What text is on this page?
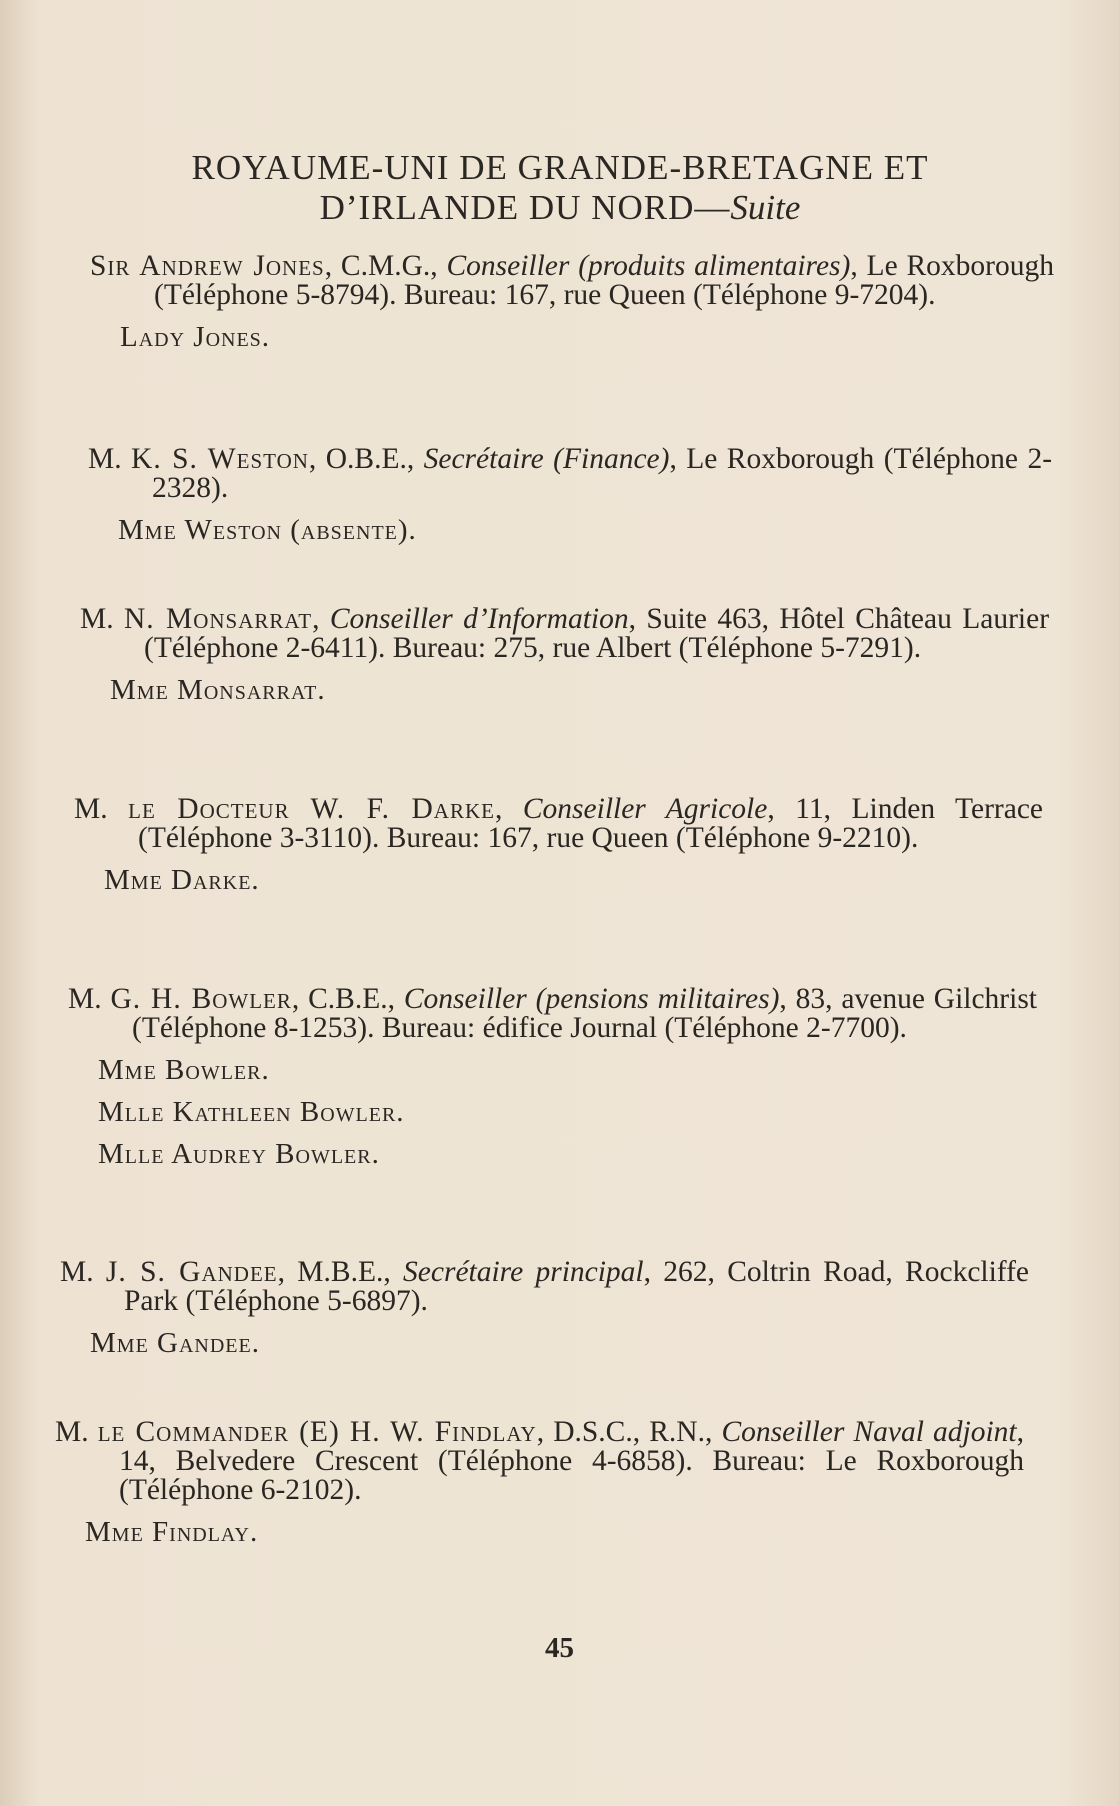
ROYAUME-UNI DE GRANDE-BRETAGNE ET
D’IRLANDE DU NORD—Suite
Sir Andrew Jones, C.M.G., Conseiller (produits alimentaires), Le Roxborough (Téléphone 5-8794). Bureau: 167, rue Queen (Téléphone 9-7204).
Lady Jones.
M. K. S. Weston, O.B.E., Secrétaire (Finance), Le Roxborough (Téléphone 2-2328).
Mme Weston (absente).
M. N. Monsarrat, Conseiller d’Information, Suite 463, Hôtel Château Laurier (Téléphone 2-6411). Bureau: 275, rue Albert (Téléphone 5-7291).
Mme Monsarrat.
M. le Docteur W. F. Darke, Conseiller Agricole, 11, Linden Terrace (Téléphone 3-3110). Bureau: 167, rue Queen (Téléphone 9-2210).
Mme Darke.
M. G. H. Bowler, C.B.E., Conseiller (pensions militaires), 83, avenue Gilchrist (Téléphone 8-1253). Bureau: édifice Journal (Téléphone 2-7700).
Mme Bowler.
Mlle Kathleen Bowler.
Mlle Audrey Bowler.
M. J. S. Gandee, M.B.E., Secrétaire principal, 262, Coltrin Road, Rockcliffe Park (Téléphone 5-6897).
Mme Gandee.
M. le Commander (E) H. W. Findlay, D.S.C., R.N., Conseiller Naval adjoint, 14, Belvedere Crescent (Téléphone 4-6858). Bureau: Le Roxborough (Téléphone 6-2102).
Mme Findlay.
45
